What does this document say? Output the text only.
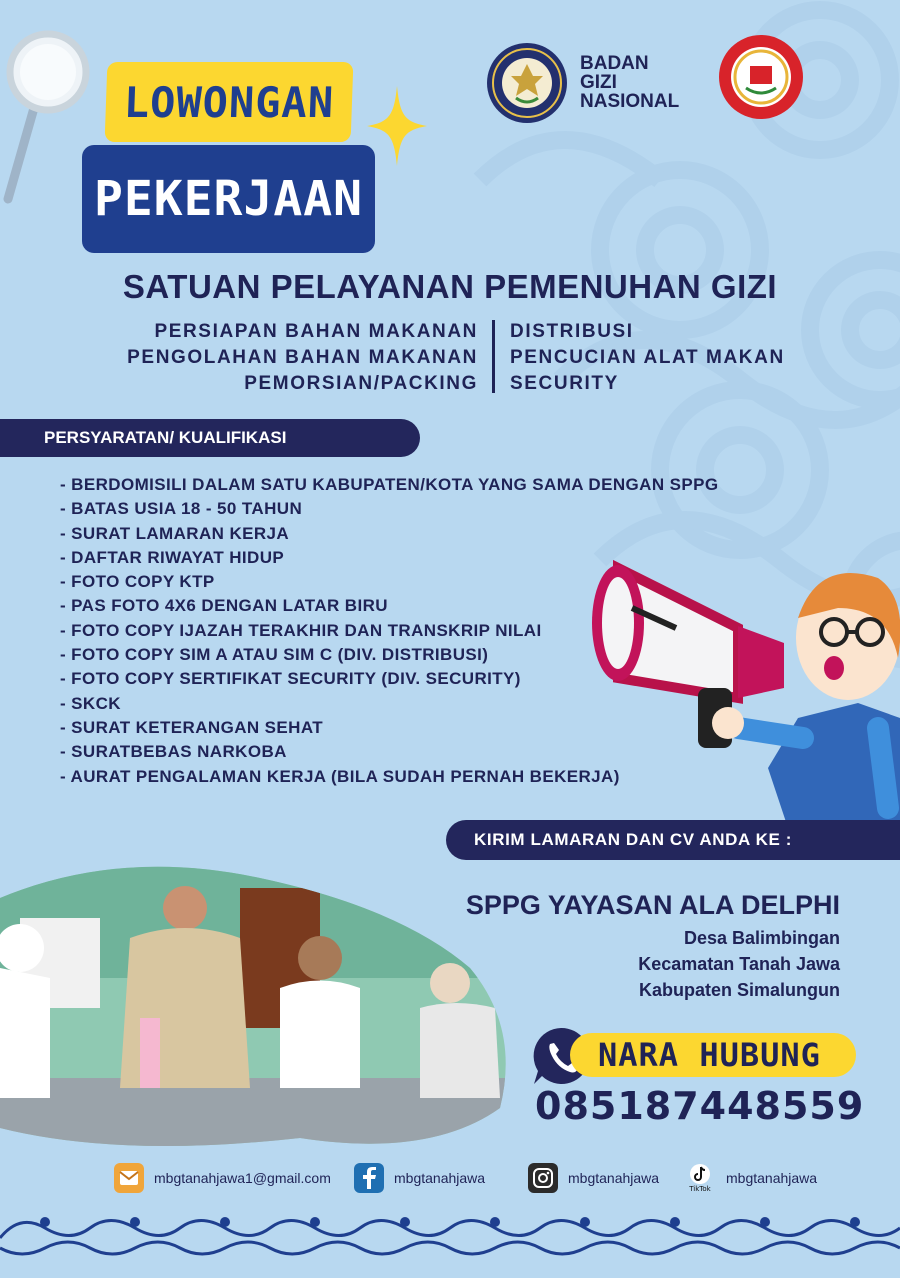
LOWONGAN
PEKERJAAN
BADAN
GIZI
NASIONAL
SATUAN PELAYANAN PEMENUHAN GIZI
PERSIAPAN BAHAN MAKANAN
PENGOLAHAN BAHAN MAKANAN
PEMORSIAN/PACKING
DISTRIBUSI
PENCUCIAN ALAT MAKAN
SECURITY
PERSYARATAN/ KUALIFIKASI
- BERDOMISILI DALAM SATU KABUPATEN/KOTA YANG SAMA DENGAN SPPG
- BATAS USIA 18 - 50 TAHUN
- SURAT LAMARAN KERJA
- DAFTAR RIWAYAT HIDUP
- FOTO COPY KTP
- PAS FOTO 4X6 DENGAN LATAR BIRU
- FOTO COPY IJAZAH TERAKHIR DAN TRANSKRIP NILAI
- FOTO COPY SIM A ATAU SIM C (DIV. DISTRIBUSI)
- FOTO COPY SERTIFIKAT SECURITY (DIV. SECURITY)
- SKCK
- SURAT KETERANGAN SEHAT
- SURATBEBAS NARKOBA
- AURAT PENGALAMAN KERJA (BILA SUDAH PERNAH BEKERJA)
KIRIM LAMARAN DAN CV ANDA KE :
SPPG YAYASAN ALA DELPHI
Desa Balimbingan
Kecamatan Tanah Jawa
Kabupaten Simalungun
NARA HUBUNG
085187448559
mbgtanahjawa1@gmail.com	mbgtanahjawa	mbgtanahjawa
TikTok
mbgtanahjawa
